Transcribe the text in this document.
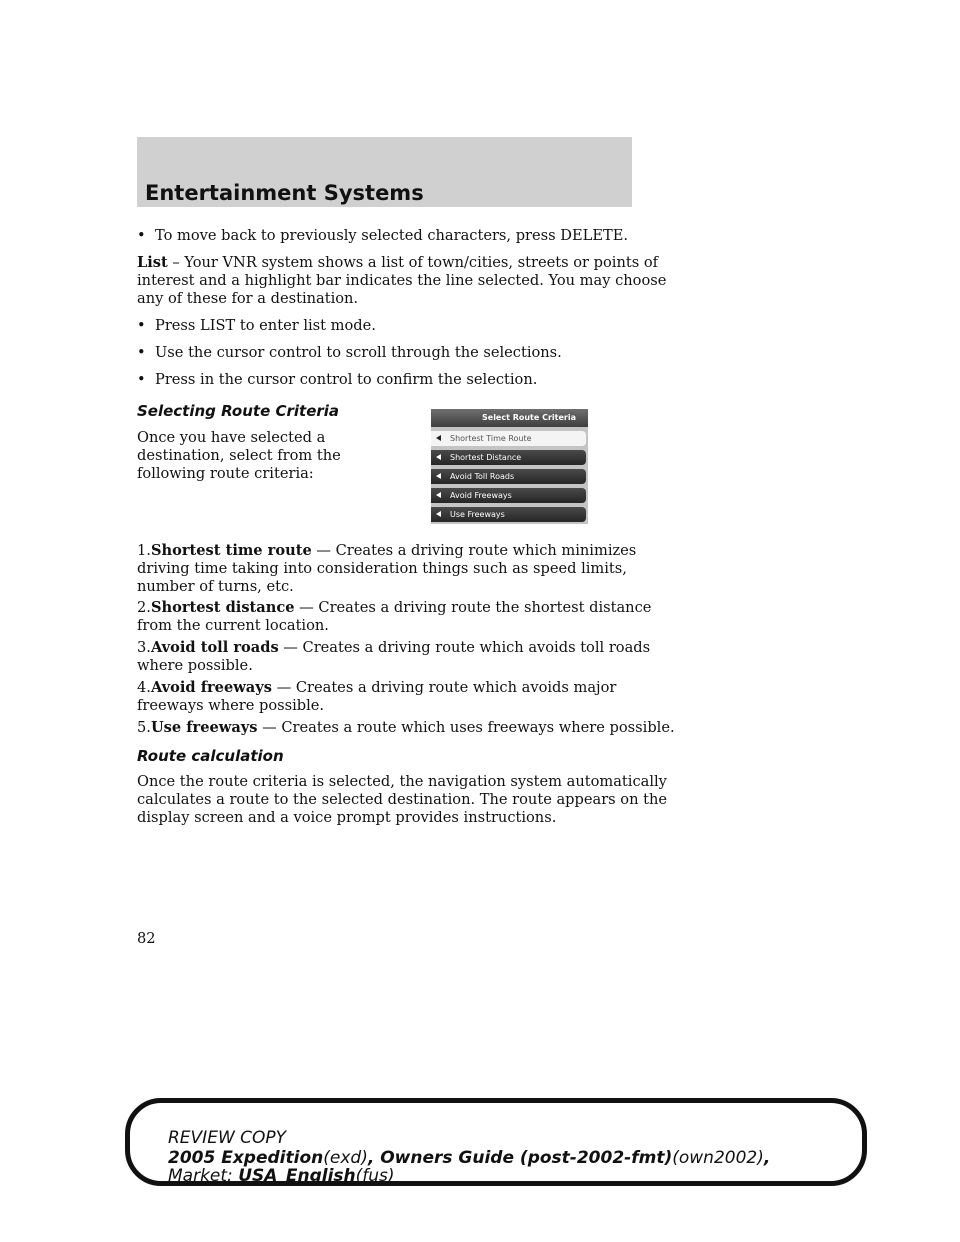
Entertainment Systems
• To move back to previously selected characters, press DELETE.
List – Your VNR system shows a list of town/cities, streets or points of
interest and a highlight bar indicates the line selected. You may choose
any of these for a destination.
• Press LIST to enter list mode.
• Use the cursor control to scroll through the selections.
• Press in the cursor control to confirm the selection.
Selecting Route Criteria
Once you have selected a
destination, select from the
following route criteria:
Select Route Criteria
Shortest Time Route
Shortest Distance
Avoid Toll Roads
Avoid Freeways
Use Freeways
1.Shortest time route — Creates a driving route which minimizes
driving time taking into consideration things such as speed limits,
number of turns, etc.
2.Shortest distance — Creates a driving route the shortest distance
from the current location.
3.Avoid toll roads — Creates a driving route which avoids toll roads
where possible.
4.Avoid freeways — Creates a driving route which avoids major
freeways where possible.
5.Use freeways — Creates a route which uses freeways where possible.
Route calculation
Once the route criteria is selected, the navigation system automatically
calculates a route to the selected destination. The route appears on the
display screen and a voice prompt provides instructions.
82
REVIEW COPY
2005 Expedition(exd), Owners Guide (post-2002-fmt)(own2002),
Market: USA_English(fus)
